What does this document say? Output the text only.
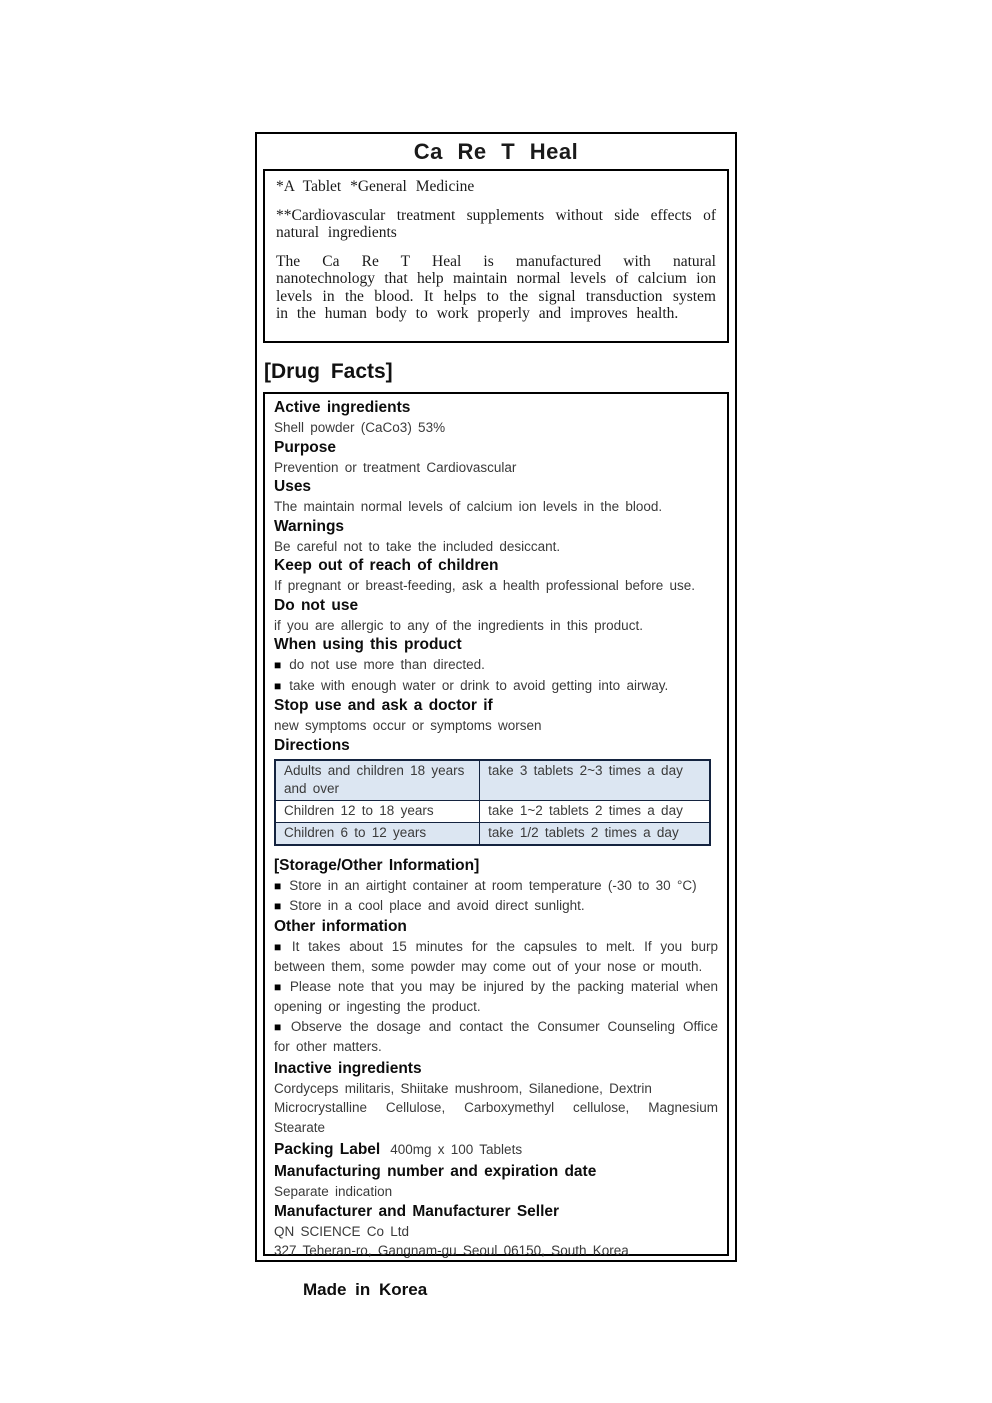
Ca Re T Heal

*A Tablet *General Medicine

**Cardiovascular treatment supplements without side effects of natural ingredients

The Ca Re T Heal is manufactured with natural nanotechnology that help maintain normal levels of calcium ion levels in the blood. It helps to the signal transduction system in the human body to work properly and improves health.

[Drug Facts]
Active ingredients
Shell powder (CaCo3) 53%
Purpose
Prevention or treatment Cardiovascular
Uses
The maintain normal levels of calcium ion levels in the blood.
Warnings
Be careful not to take the included desiccant.
Keep out of reach of children
If pregnant or breast-feeding, ask a health professional before use.
Do not use
if you are allergic to any of the ingredients in this product.
When using this product
■ do not use more than directed.
■ take with enough water or drink to avoid getting into airway.
Stop use and ask a doctor if
new symptoms occur or symptoms worsen
Directions
Adults and children 18 years and over	take 3 tablets 2~3 times a day
Children 12 to 18 years	take 1~2 tablets 2 times a day
Children 6 to 12 years	take 1/2 tablets 2 times a day
[Storage/Other Information]
■ Store in an airtight container at room temperature (-30 to 30 °C)
■ Store in a cool place and avoid direct sunlight.
Other information
■ It takes about 15 minutes for the capsules to melt. If you burp between them, some powder may come out of your nose or mouth.
■ Please note that you may be injured by the packing material when opening or ingesting the product.
■ Observe the dosage and contact the Consumer Counseling Office for other matters.
Inactive ingredients
Cordyceps militaris, Shiitake mushroom, Silanedione, Dextrin
Microcrystalline Cellulose, Carboxymethyl cellulose, Magnesium Stearate
Packing Label 400mg x 100 Tablets
Manufacturing number and expiration date
Separate indication
Manufacturer and Manufacturer Seller
QN SCIENCE Co Ltd
327 Teheran-ro, Gangnam-gu Seoul 06150, South Korea
Made in Korea
